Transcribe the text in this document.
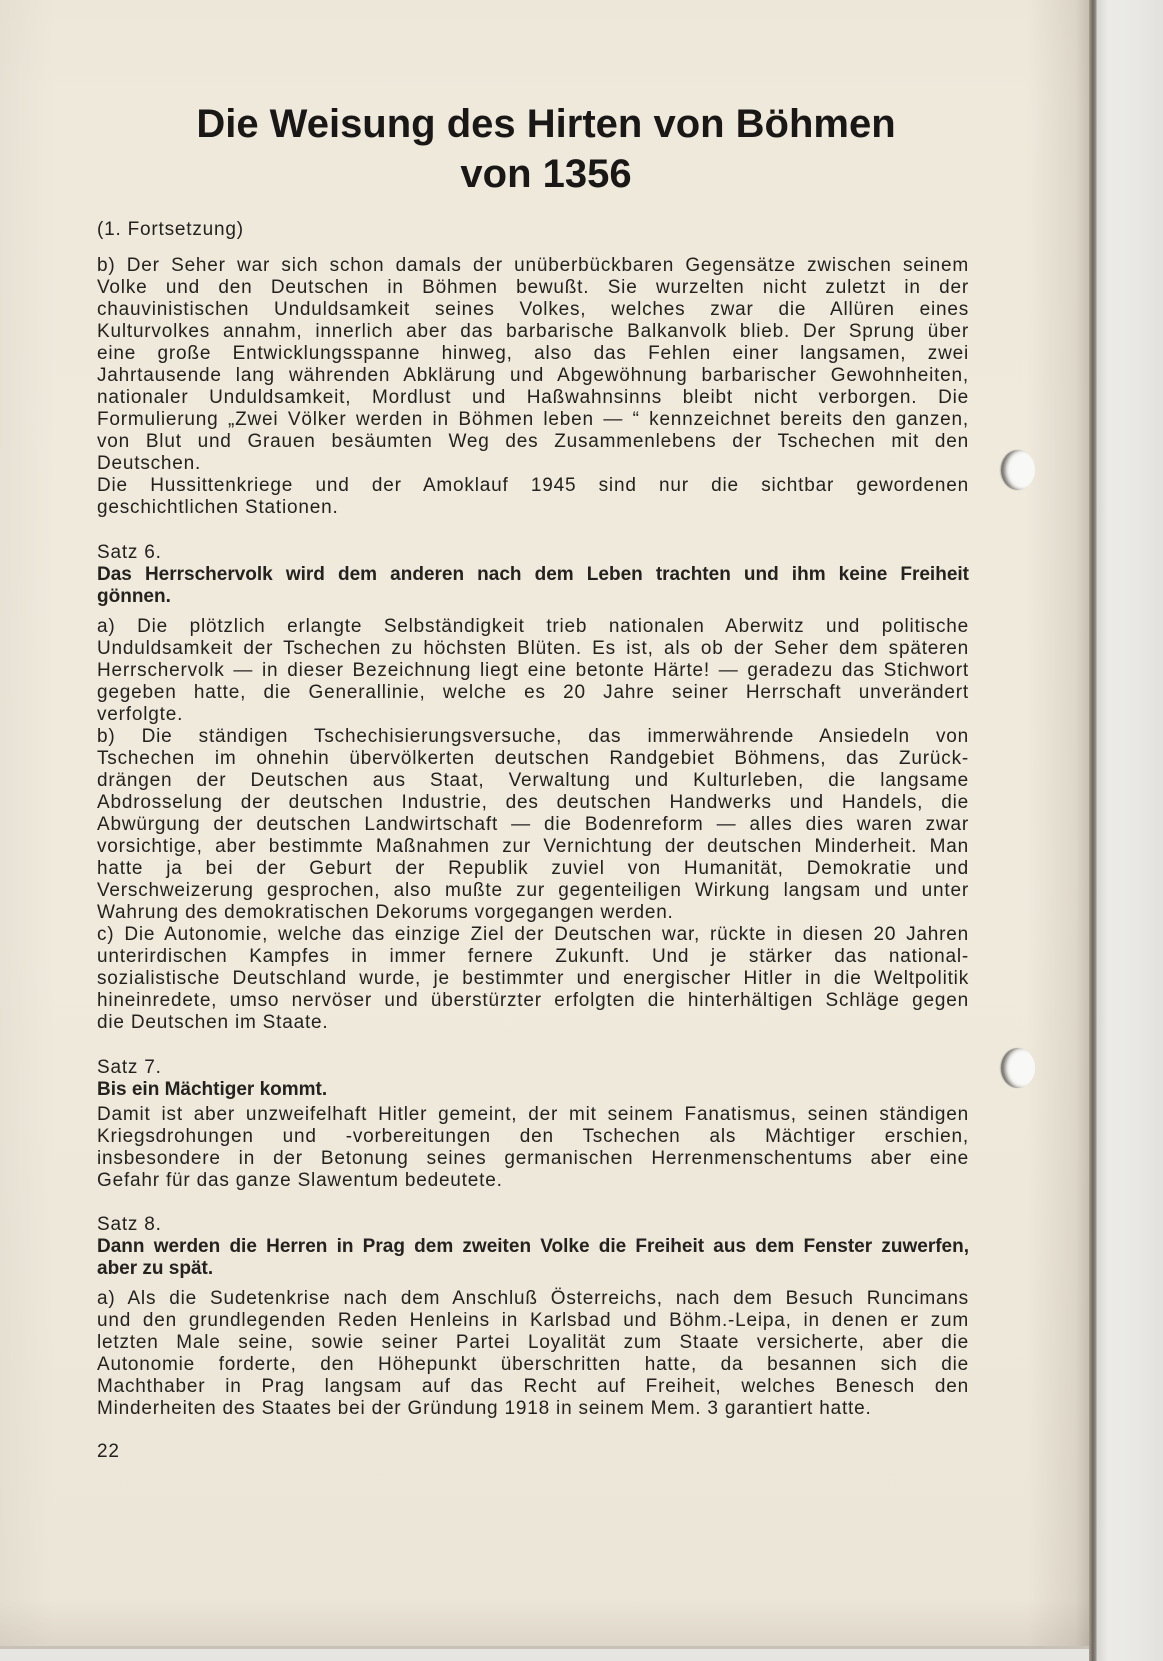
Die Weisung des Hirten von Böhmen
von 1356
(1. Fortsetzung)
b) Der Seher war sich schon damals der unüberbückbaren Gegensätze zwischen seinem
Volke und den Deutschen in Böhmen bewußt. Sie wurzelten nicht zuletzt in der
chauvinistischen Unduldsamkeit seines Volkes, welches zwar die Allüren eines
Kulturvolkes annahm, innerlich aber das barbarische Balkanvolk blieb. Der Sprung über
eine große Entwicklungsspanne hinweg, also das Fehlen einer langsamen, zwei
Jahrtausende lang währenden Abklärung und Abgewöhnung barbarischer Gewohnheiten,
nationaler Unduldsamkeit, Mordlust und Haßwahnsinns bleibt nicht verborgen. Die
Formulierung „Zwei Völker werden in Böhmen leben — “ kennzeichnet bereits den ganzen,
von Blut und Grauen besäumten Weg des Zusammenlebens der Tschechen mit den
Deutschen.
Die Hussittenkriege und der Amoklauf 1945 sind nur die sichtbar gewordenen
geschichtlichen Stationen.
Satz 6.
Das Herrschervolk wird dem anderen nach dem Leben trachten und ihm keine Freiheit
gönnen.
a) Die plötzlich erlangte Selbständigkeit trieb nationalen Aberwitz und politische
Unduldsamkeit der Tschechen zu höchsten Blüten. Es ist, als ob der Seher dem späteren
Herrschervolk — in dieser Bezeichnung liegt eine betonte Härte! — geradezu das Stichwort
gegeben hatte, die Generallinie, welche es 20 Jahre seiner Herrschaft unverändert
verfolgte.
b) Die ständigen Tschechisierungsversuche, das immerwährende Ansiedeln von
Tschechen im ohnehin übervölkerten deutschen Randgebiet Böhmens, das Zurück-
drängen der Deutschen aus Staat, Verwaltung und Kulturleben, die langsame
Abdrosselung der deutschen Industrie, des deutschen Handwerks und Handels, die
Abwürgung der deutschen Landwirtschaft — die Bodenreform — alles dies waren zwar
vorsichtige, aber bestimmte Maßnahmen zur Vernichtung der deutschen Minderheit. Man
hatte ja bei der Geburt der Republik zuviel von Humanität, Demokratie und
Verschweizerung gesprochen, also mußte zur gegenteiligen Wirkung langsam und unter
Wahrung des demokratischen Dekorums vorgegangen werden.
c) Die Autonomie, welche das einzige Ziel der Deutschen war, rückte in diesen 20 Jahren
unterirdischen Kampfes in immer fernere Zukunft. Und je stärker das national-
sozialistische Deutschland wurde, je bestimmter und energischer Hitler in die Weltpolitik
hineinredete, umso nervöser und überstürzter erfolgten die hinterhältigen Schläge gegen
die Deutschen im Staate.
Satz 7.
Bis ein Mächtiger kommt.
Damit ist aber unzweifelhaft Hitler gemeint, der mit seinem Fanatismus, seinen ständigen
Kriegsdrohungen und -vorbereitungen den Tschechen als Mächtiger erschien,
insbesondere in der Betonung seines germanischen Herrenmenschentums aber eine
Gefahr für das ganze Slawentum bedeutete.
Satz 8.
Dann werden die Herren in Prag dem zweiten Volke die Freiheit aus dem Fenster zuwerfen,
aber zu spät.
a) Als die Sudetenkrise nach dem Anschluß Österreichs, nach dem Besuch Runcimans
und den grundlegenden Reden Henleins in Karlsbad und Böhm.-Leipa, in denen er zum
letzten Male seine, sowie seiner Partei Loyalität zum Staate versicherte, aber die
Autonomie forderte, den Höhepunkt überschritten hatte, da besannen sich die
Machthaber in Prag langsam auf das Recht auf Freiheit, welches Benesch den
Minderheiten des Staates bei der Gründung 1918 in seinem Mem. 3 garantiert hatte.
22
